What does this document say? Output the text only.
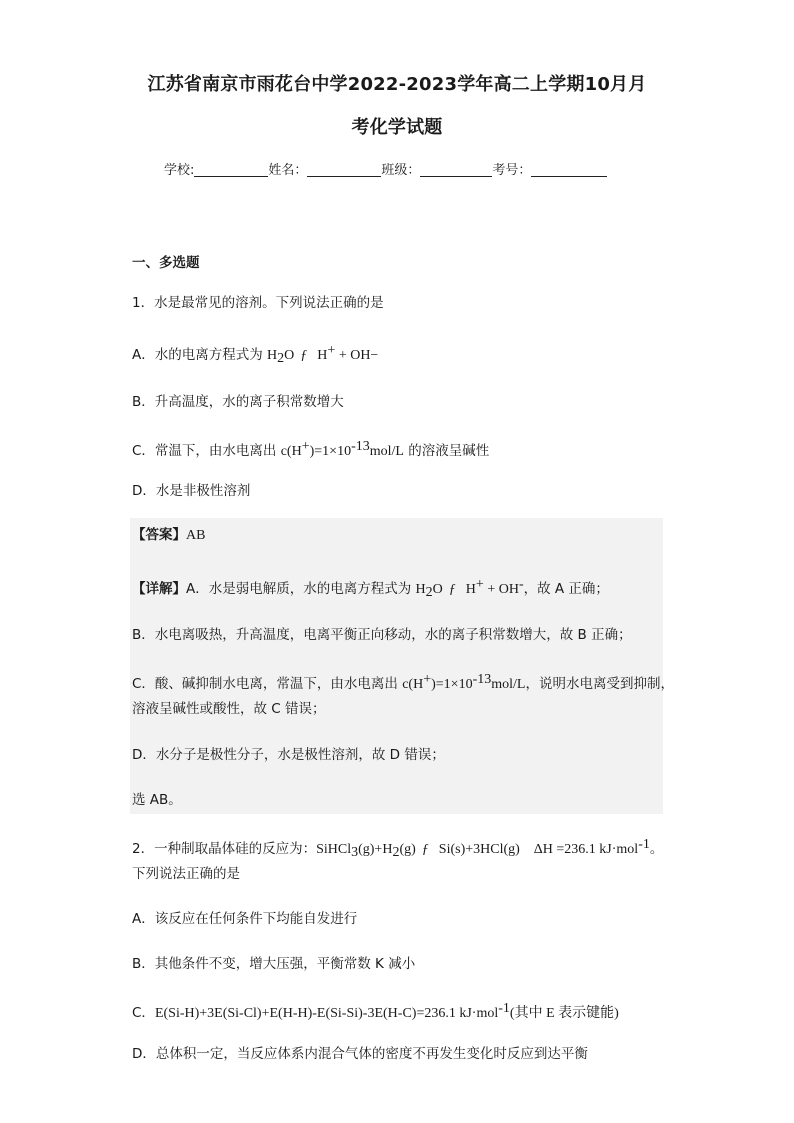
江苏省南京市雨花台中学2022-2023学年高二上学期10月月
考化学试题
学校:	姓名：	班级：	考号：
一、多选题
1．水是最常见的溶剂。下列说法正确的是
A．水的电离方程式为 H2O ƒ H+ + OH−
B．升高温度，水的离子积常数增大
C．常温下，由水电离出 c(H+)=1×10-13mol/L 的溶液呈碱性
D．水是非极性溶剂
【答案】AB
【详解】A．水是弱电解质，水的电离方程式为 H2O ƒ H+ + OH-，故 A 正确；
B．水电离吸热，升高温度，电离平衡正向移动，水的离子积常数增大，故 B 正确；
C．酸、碱抑制水电离，常温下，由水电离出 c(H+)=1×10-13mol/L，说明水电离受到抑制，
溶液呈碱性或酸性，故 C 错误；
D．水分子是极性分子，水是极性溶剂，故 D 错误；
选 AB。
2．一种制取晶体硅的反应为：SiHCl3(g)+H2(g) ƒ Si(s)+3HCl(g) ΔH =236.1 kJ·mol-1。
下列说法正确的是
A．该反应在任何条件下均能自发进行
B．其他条件不变，增大压强，平衡常数 K 减小
C．E(Si-H)+3E(Si-Cl)+E(H-H)-E(Si-Si)-3E(H-C)=236.1 kJ·mol-1(其中 E 表示键能)
D．总体积一定，当反应体系内混合气体的密度不再发生变化时反应到达平衡
